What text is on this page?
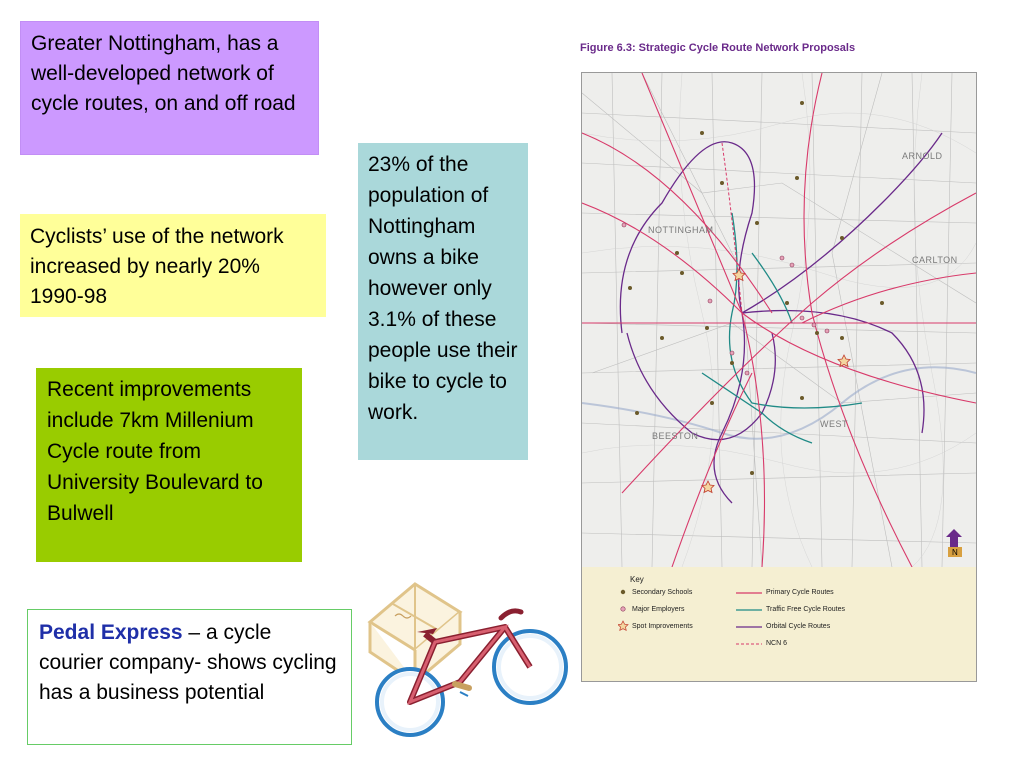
Greater Nottingham, has a well-developed network of cycle routes, on and off road
Cyclists’ use of the network increased by nearly 20% 1990-98
Recent improvements include 7km Millenium Cycle route from University Boulevard to Bulwell
23% of the population of Nottingham owns a bike however only 3.1% of these people use their bike to cycle to work.
Pedal Express – a cycle courier company- shows cycling has a business potential
Figure 6.3: Strategic Cycle Route Network Proposals
N
NOTTINGHAM
CARLTON
BEESTON
ARNOLD
WEST
Key
Secondary Schools
Major Employers
Spot Improvements
Primary Cycle Routes
Traffic Free Cycle Routes
Orbital Cycle Routes
NCN 6
